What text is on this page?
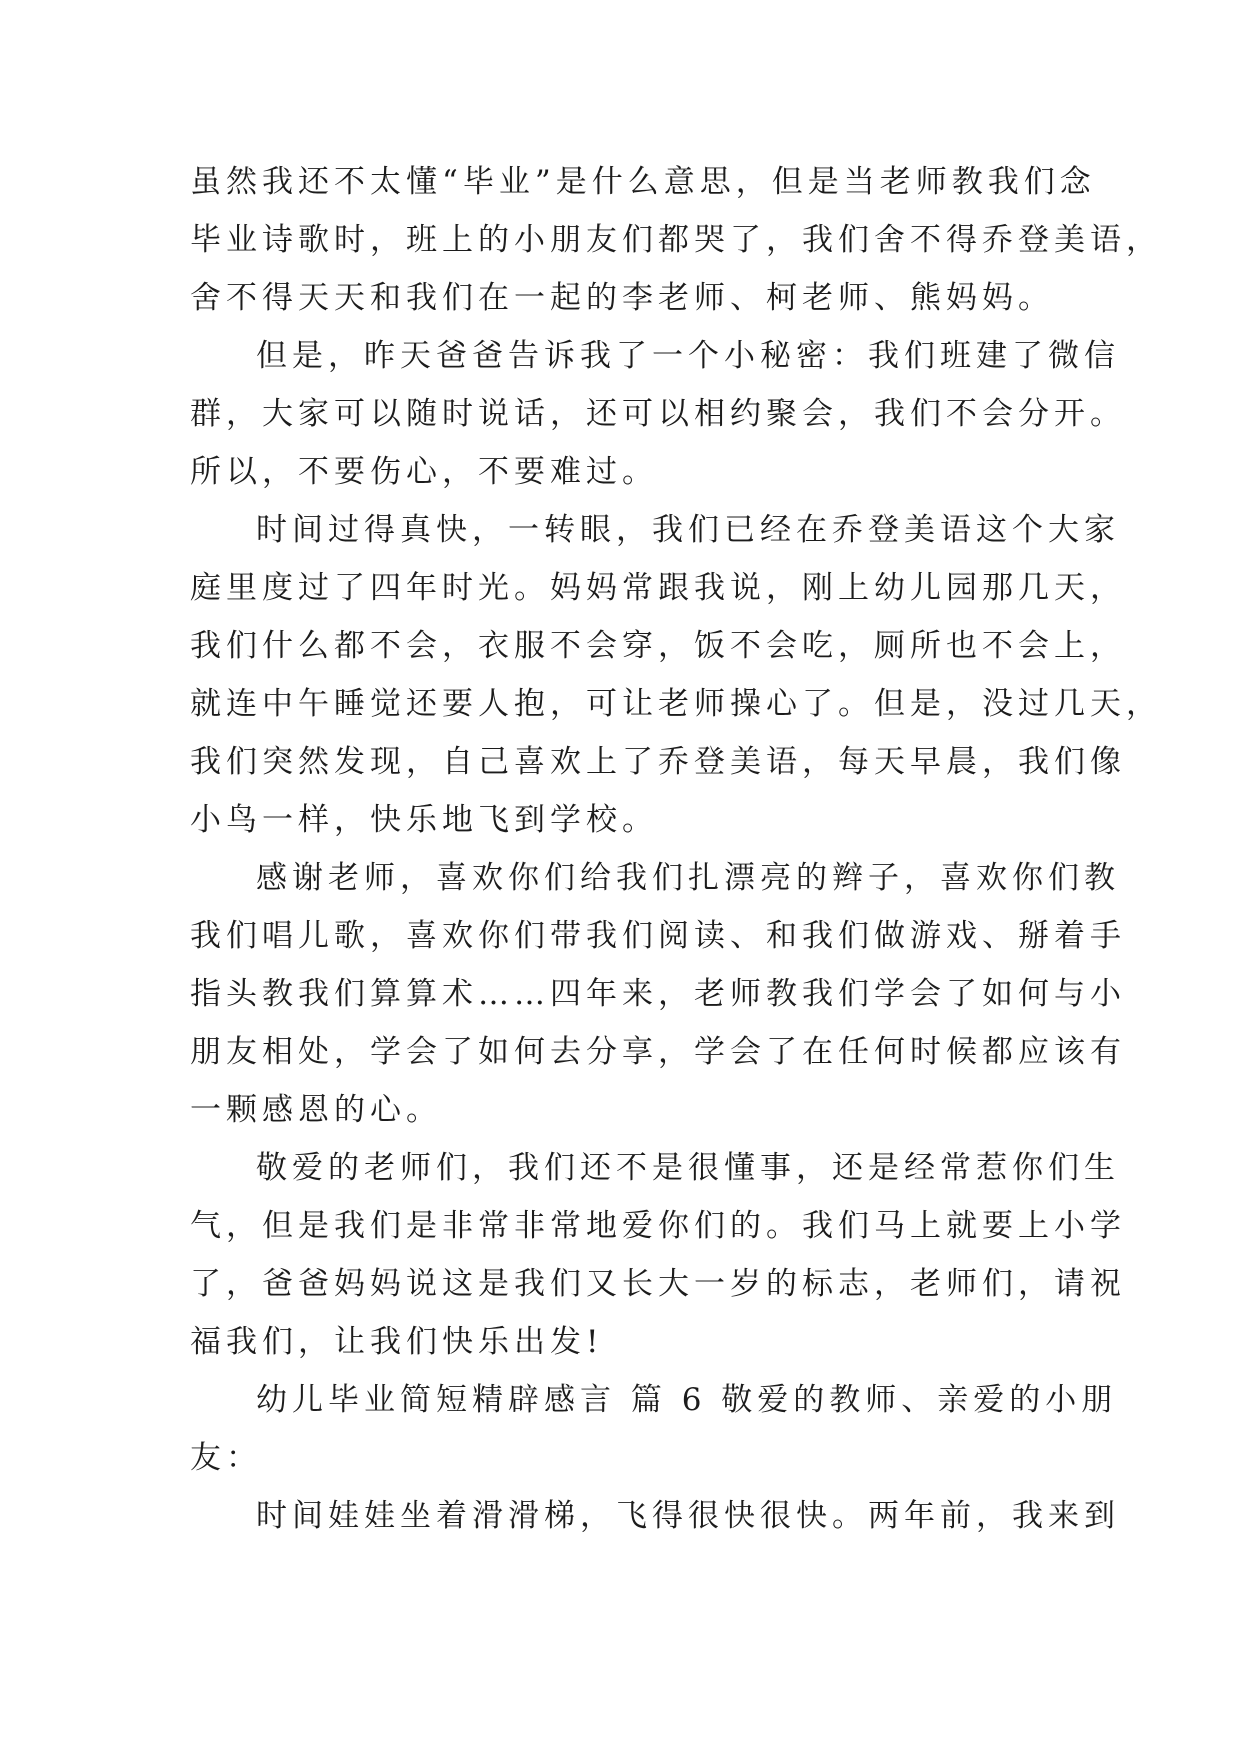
虽然我还不太懂“毕业”是什么意思，但是当老师教我们念
毕业诗歌时，班上的小朋友们都哭了，我们舍不得乔登美语，
舍不得天天和我们在一起的李老师、柯老师、熊妈妈。
但是，昨天爸爸告诉我了一个小秘密：我们班建了微信
群，大家可以随时说话，还可以相约聚会，我们不会分开。
所以，不要伤心，不要难过。
时间过得真快，一转眼，我们已经在乔登美语这个大家
庭里度过了四年时光。妈妈常跟我说，刚上幼儿园那几天，
我们什么都不会，衣服不会穿，饭不会吃，厕所也不会上，
就连中午睡觉还要人抱，可让老师操心了。但是，没过几天，
我们突然发现，自己喜欢上了乔登美语，每天早晨，我们像
小鸟一样，快乐地飞到学校。
感谢老师，喜欢你们给我们扎漂亮的辫子，喜欢你们教
我们唱儿歌，喜欢你们带我们阅读、和我们做游戏、掰着手
指头教我们算算术……四年来，老师教我们学会了如何与小
朋友相处，学会了如何去分享，学会了在任何时候都应该有
一颗感恩的心。
敬爱的老师们，我们还不是很懂事，还是经常惹你们生
气，但是我们是非常非常地爱你们的。我们马上就要上小学
了，爸爸妈妈说这是我们又长大一岁的标志，老师们，请祝
福我们，让我们快乐出发!
幼儿毕业简短精辟感言 篇 6 敬爱的教师、亲爱的小朋
友：
时间娃娃坐着滑滑梯，飞得很快很快。两年前，我来到
